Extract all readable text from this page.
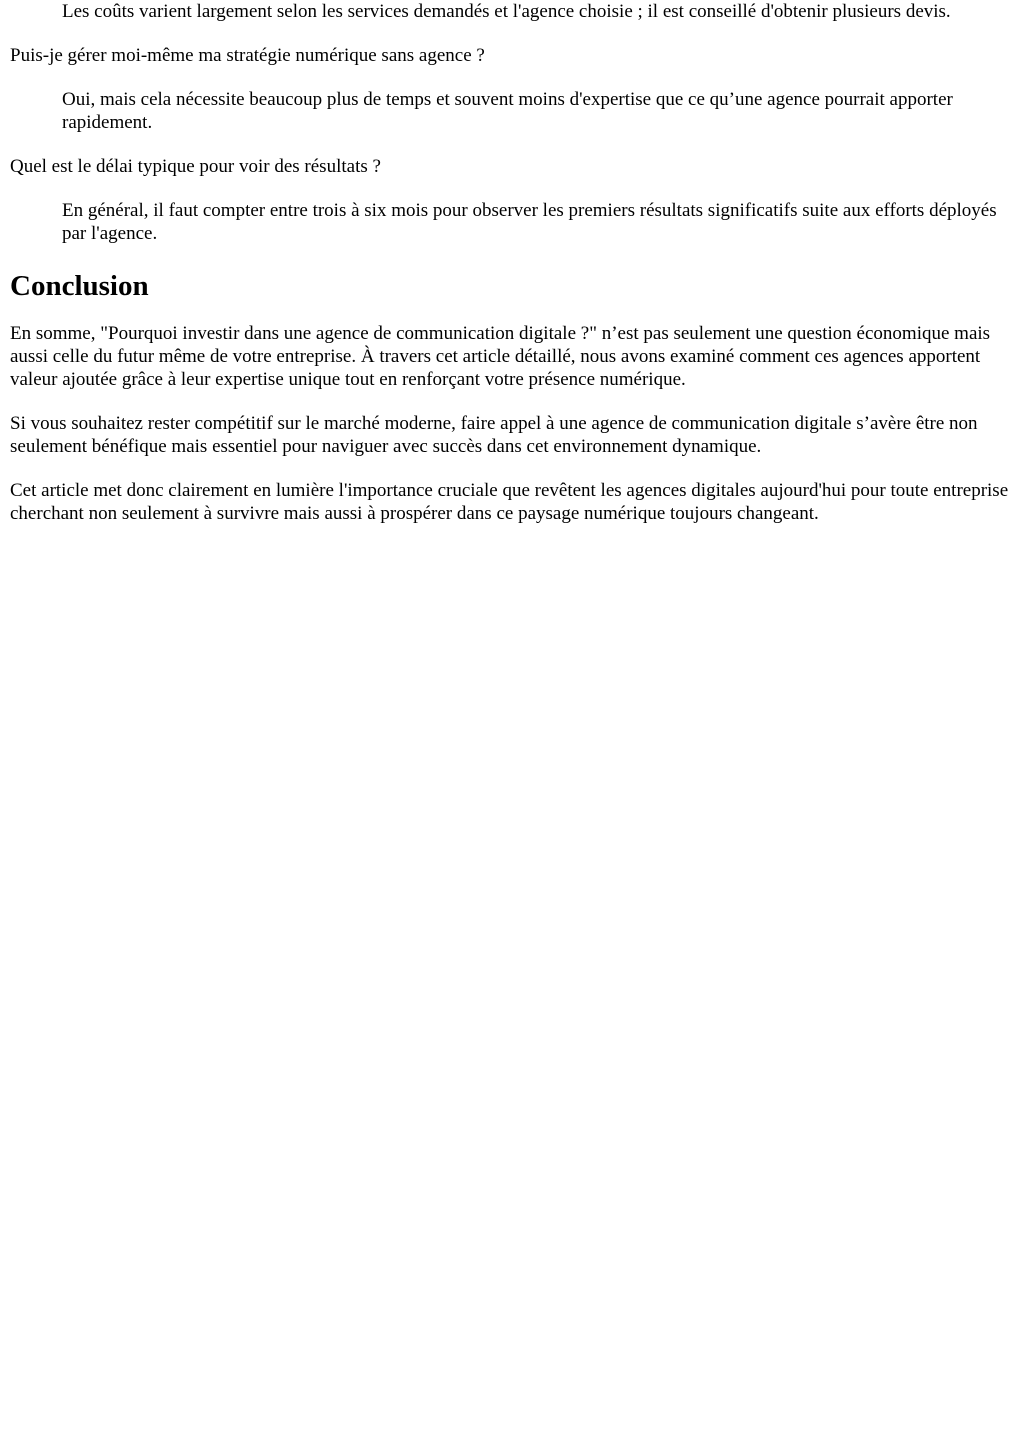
Les coûts varient largement selon les services demandés et l'agence choisie ; il est conseillé d'obtenir plusieurs devis.
Puis-je gérer moi-même ma stratégie numérique sans agence ?
Oui, mais cela nécessite beaucoup plus de temps et souvent moins d'expertise que ce qu’une agence pourrait apporter rapidement.
Quel est le délai typique pour voir des résultats ?
En général, il faut compter entre trois à six mois pour observer les premiers résultats significatifs suite aux efforts déployés par l'agence.
Conclusion

En somme, "Pourquoi investir dans une agence de communication digitale ?" n’est pas seulement une question économique mais aussi celle du futur même de votre entreprise. À travers cet article détaillé, nous avons examiné comment ces agences apportent valeur ajoutée grâce à leur expertise unique tout en renforçant votre présence numérique.

Si vous souhaitez rester compétitif sur le marché moderne, faire appel à une agence de communication digitale s’avère être non seulement bénéfique mais essentiel pour naviguer avec succès dans cet environnement dynamique.

Cet article met donc clairement en lumière l'importance cruciale que revêtent les agences digitales aujourd'hui pour toute entreprise cherchant non seulement à survivre mais aussi à prospérer dans ce paysage numérique toujours changeant.
